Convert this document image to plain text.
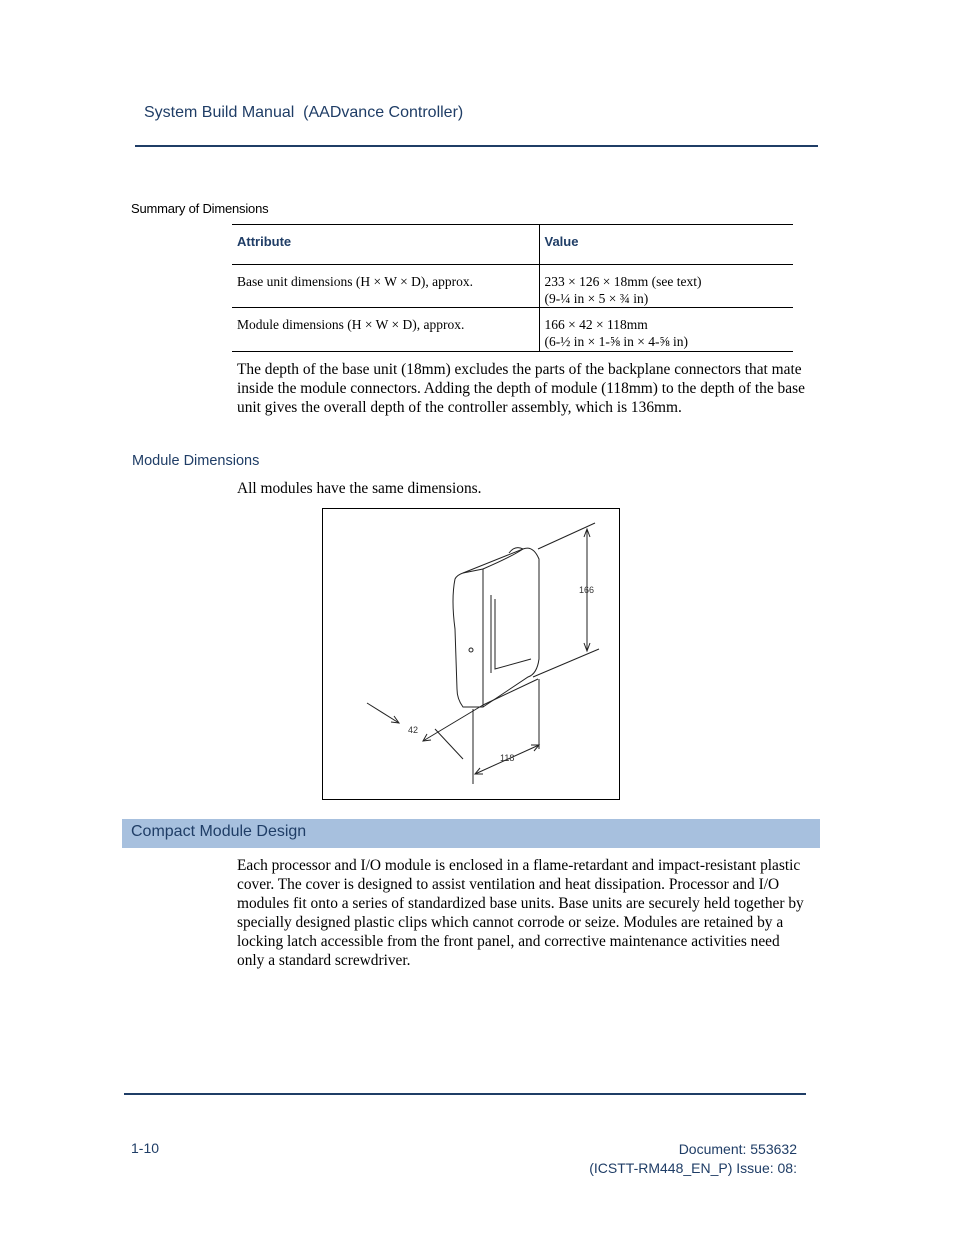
System Build Manual  (AADvance Controller)
Summary of Dimensions
Attribute	Value
Base unit dimensions (H × W × D), approx.	233 × 126 × 18mm (see text)
(9-¼ in × 5 × ¾ in)

Module dimensions (H × W × D), approx.	166 × 42 × 118mm
(6-½ in × 1-⅝ in × 4-⅝ in)
The depth of the base unit (18mm) excludes the parts of the backplane connectors that mate inside the module connectors. Adding the depth of module (118mm) to the depth of the base unit gives the overall depth of the controller assembly, which is 136mm.
Module Dimensions
All modules have the same dimensions.
166
42
118
Compact Module Design
Each processor and I/O module is enclosed in a flame-retardant and impact-resistant plastic cover. The cover is designed to assist ventilation and heat dissipation. Processor and I/O modules fit onto a series of standardized base units. Base units are securely held together by specially designed plastic clips which cannot corrode or seize. Modules are retained by a locking latch accessible from the front panel, and corrective maintenance activities need only a standard screwdriver.
1-10	Document: 553632
(ICSTT-RM448_EN_P) Issue: 08:
